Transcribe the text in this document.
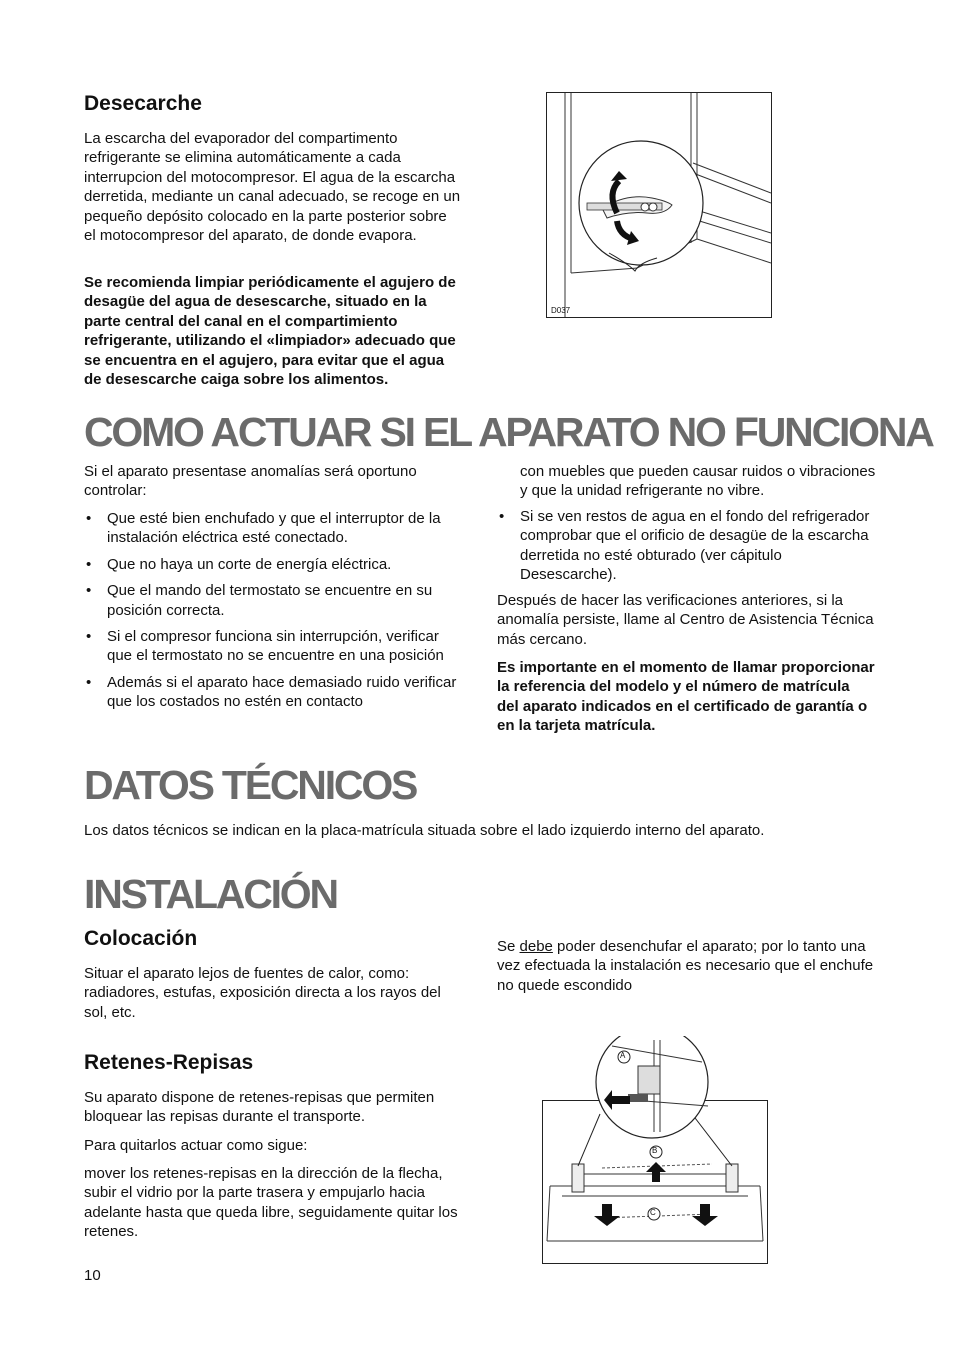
Desecarche

La escarcha del evaporador del compartimento refrigerante se elimina automáticamente a cada interrupcion del motocompresor. El agua de la escarcha derretida, mediante un canal adecuado, se recoge en un pequeño depósito colocado en la parte posterior sobre el motocompresor del aparato, de donde evapora.

Se recomienda limpiar periódicamente el agujero de desagüe del agua de desescarche, situado en la parte central del canal en el compartimiento refrigerante, utilizando el «limpiador» adecuado que se encuentra en el agujero, para evitar que el agua de desescarche caiga sobre los alimentos.

D037
COMO ACTUAR SI EL APARATO NO FUNCIONA

Si el aparato presentase anomalías será oportuno controlar:

• Que esté bien enchufado y que el interruptor de la instalación eléctrica esté conectado.
• Que no haya un corte de energía eléctrica.
• Que el mando del termostato se encuentre en su posición correcta.
• Si el compresor funciona sin interrupción, verificar que el termostato no se encuentre en una posición
• Además si el aparato hace demasiado ruido verificar que los costados no estén en contacto

con muebles que pueden causar ruidos o vibraciones y que la unidad refrigerante no vibre.

• Si se ven restos de agua en el fondo del refrigerador comprobar que el orificio de desagüe de la escarcha derretida no esté obturado (ver cápitulo Desescarche).

Después de hacer las verificaciones anteriores, si la anomalía persiste, llame al Centro de Asistencia Técnica más cercano.

Es importante en el momento de llamar proporcionar la referencia del modelo y el número de matrícula del aparato indicados en el certificado de garantía o en la tarjeta matrícula.

DATOS TÉCNICOS

Los datos técnicos se indican en la placa-matrícula situada sobre el lado izquierdo interno del aparato.

INSTALACIÓN
Colocación

Situar el aparato lejos de fuentes de calor, como: radiadores, estufas, exposición directa a los rayos del sol, etc.

Se debe poder desenchufar el aparato; por lo tanto una vez efectuada la instalación es necesario que el enchufe no quede escondido

Retenes-Repisas

Su aparato dispone de retenes-repisas que permiten bloquear las repisas durante el transporte.

Para quitarlos actuar como sigue:

mover los retenes-repisas en la dirección de la flecha, subir el vidrio por la parte trasera y empujarlo hacia adelante hasta que queda libre, seguidamente quitar los retenes.

A
B
C
10
